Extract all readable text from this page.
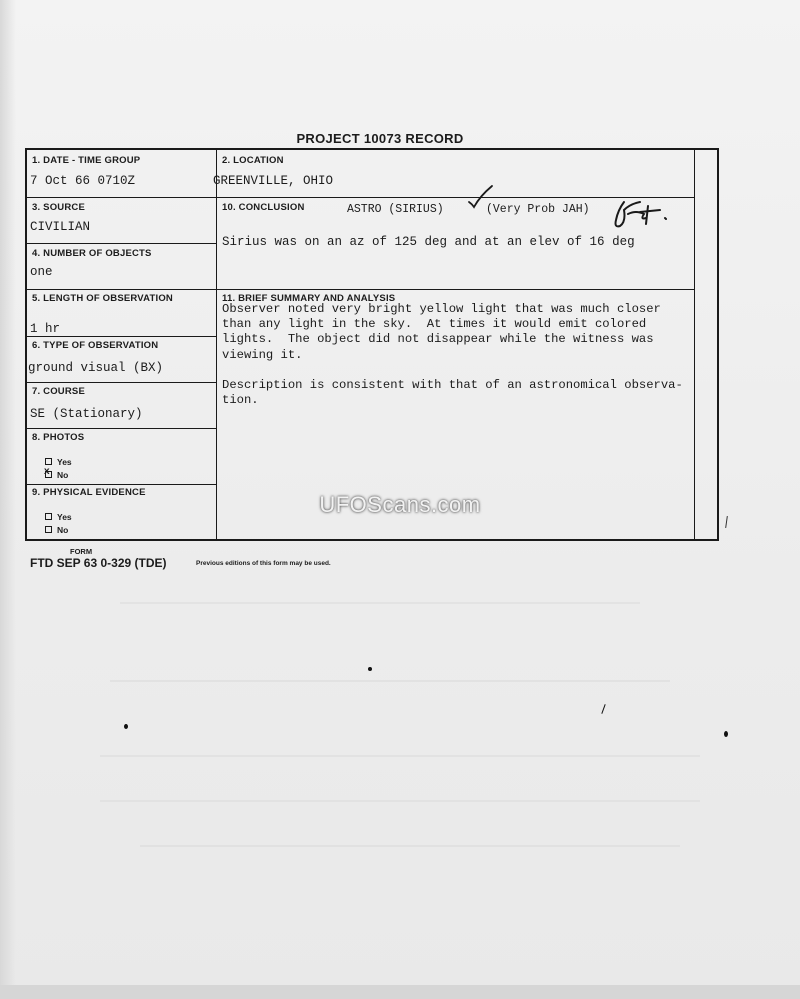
PROJECT 10073 RECORD
1. DATE - TIME GROUP
7 Oct 66 0710Z
2. LOCATION
GREENVILLE, OHIO
3. SOURCE
CIVILIAN
10. CONCLUSION	ASTRO (SIRIUS)	(Very Prob JAH)
Sirius was on an az of 125 deg and at an elev of 16 deg
4. NUMBER OF OBJECTS
one
5. LENGTH OF OBSERVATION
1 hr
11. BRIEF SUMMARY AND ANALYSIS

Observer noted very bright yellow light that was much closer
than any light in the sky.  At times it would emit colored
lights.  The object did not disappear while the witness was
viewing it.

Description is consistent with that of an astronomical observa-
tion.

6. TYPE OF OBSERVATION
ground visual (BX)
7. COURSE
SE (Stationary)
8. PHOTOS
Yes
xNo
9. PHYSICAL EVIDENCE
Yes
No
FORM
FTD SEP 63 0-329 (TDE)	Previous editions of this form may be used.
UFOScans.com
